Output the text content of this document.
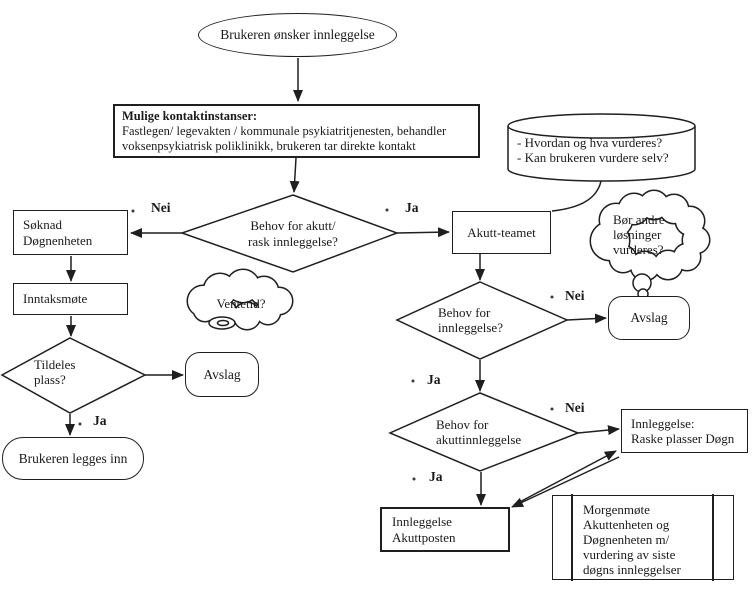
Brukeren ønsker innleggelse
Mulige kontaktinstanser:
Fastlegen/ legevakten / kommunale psykiatritjenesten, behandler voksenpsykiatrisk poliklinikk, brukeren tar direkte kontakt	- Hvordan og hva vurderes?
- Kan brukeren vurdere selv?
Behov for akutt/
rask innleggelse?
Nei	Ja
Søknad
Døgnenheten
Inntaksmøte
Tildeles
plass?
Ja
Avslag
Brukeren legges inn
Ventetid?
Akutt-teamet
Bør andre
løsninger
vurderes?
Behov for
innleggelse?
Nei
Ja
Avslag
Behov for
akuttinnleggelse
Nei
Ja
Innleggelse:
Raske plasser Døgn
Innleggelse
Akuttposten
Morgenmøte
Akuttenheten og
Døgnenheten m/
vurdering av siste
døgns innleggelser
